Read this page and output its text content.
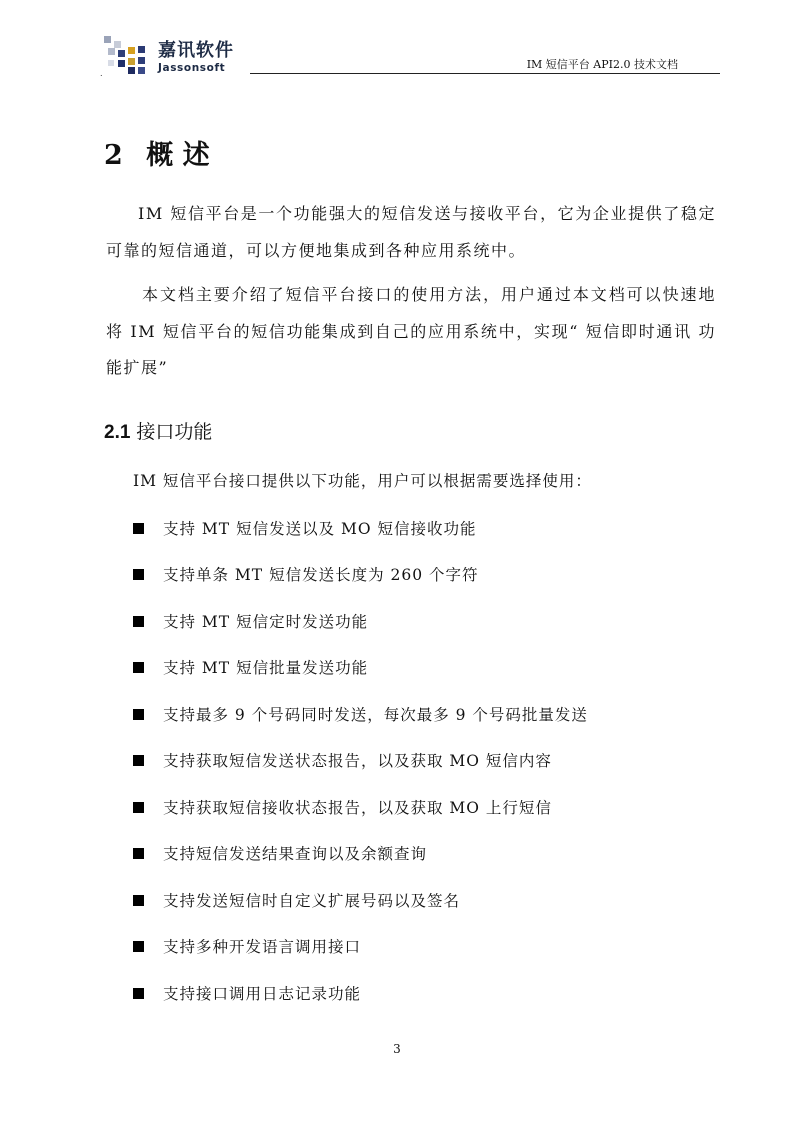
嘉讯软件
Jassonsoft
.
IM 短信平台 API2.0 技术文档
2 概 述
IM 短信平台是一个功能强大的短信发送与接收平台，它为企业提供了稳定可靠的短信通道，可以方便地集成到各种应用系统中。
本文档主要介绍了短信平台接口的使用方法，用户通过本文档可以快速地将 IM 短信平台的短信功能集成到自己的应用系统中，实现“ 短信即时通讯 功能扩展”
2.1 接口功能
IM 短信平台接口提供以下功能，用户可以根据需要选择使用：
支持 MT 短信发送以及 MO 短信接收功能
支持单条 MT 短信发送长度为 260 个字符
支持 MT 短信定时发送功能
支持 MT 短信批量发送功能
支持最多 9 个号码同时发送，每次最多 9 个号码批量发送
支持获取短信发送状态报告，以及获取 MO 短信内容
支持获取短信接收状态报告，以及获取 MO 上行短信
支持短信发送结果查询以及余额查询
支持发送短信时自定义扩展号码以及签名
支持多种开发语言调用接口
支持接口调用日志记录功能
3
